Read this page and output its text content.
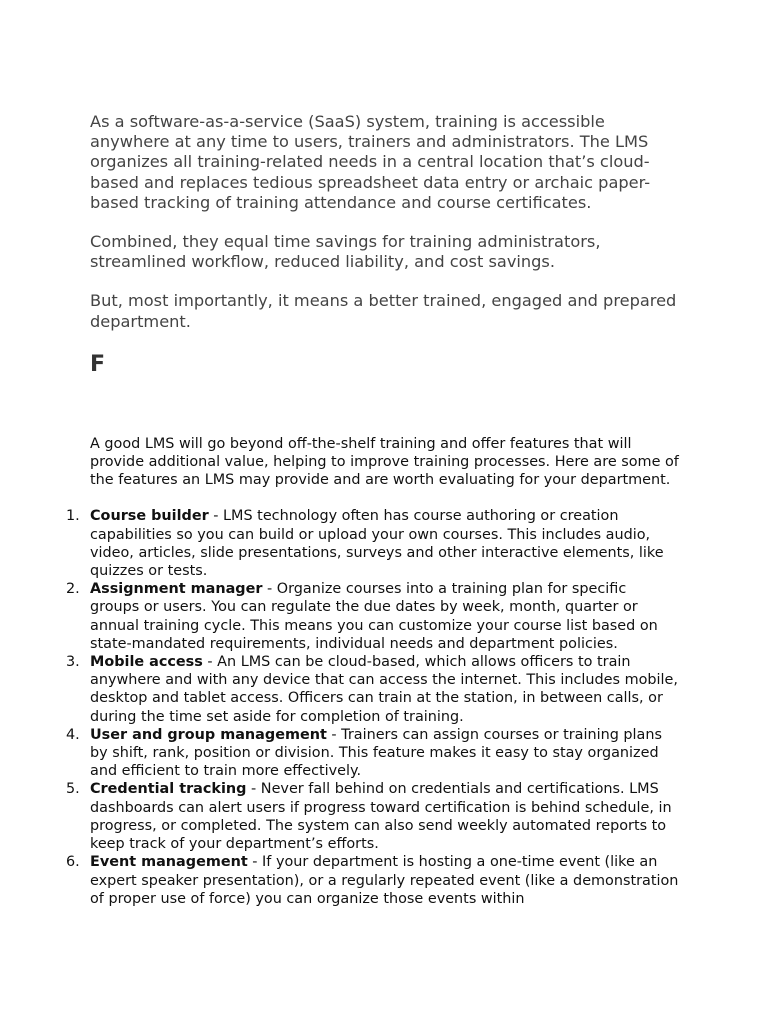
As a software-as-a-service (SaaS) system, training is accessible anywhere at any time to users, trainers and administrators. The LMS organizes all training-related needs in a central location that’s cloud-based and replaces tedious spreadsheet data entry or archaic paper-based tracking of training attendance and course certificates.

Combined, they equal time savings for training administrators, streamlined workflow, reduced liability, and cost savings.

But, most importantly, it means a better trained, engaged and prepared department.

F

A good LMS will go beyond off-the-shelf training and offer features that will provide additional value, helping to improve training processes. Here are some of the features an LMS may provide and are worth evaluating for your department.

1. Course builder - LMS technology often has course authoring or creation capabilities so you can build or upload your own courses. This includes audio, video, articles, slide presentations, surveys and other interactive elements, like quizzes or tests.
2. Assignment manager - Organize courses into a training plan for specific groups or users. You can regulate the due dates by week, month, quarter or annual training cycle. This means you can customize your course list based on state-mandated requirements, individual needs and department policies.
3. Mobile access - An LMS can be cloud-based, which allows officers to train anywhere and with any device that can access the internet. This includes mobile, desktop and tablet access. Officers can train at the station, in between calls, or during the time set aside for completion of training.
4. User and group management - Trainers can assign courses or training plans by shift, rank, position or division. This feature makes it easy to stay organized and efficient to train more effectively.
5. Credential tracking - Never fall behind on credentials and certifications. LMS dashboards can alert users if progress toward certification is behind schedule, in progress, or completed. The system can also send weekly automated reports to keep track of your department’s efforts.
6. Event management - If your department is hosting a one-time event (like an expert speaker presentation), or a regularly repeated event (like a demonstration of proper use of force) you can organize those events within
